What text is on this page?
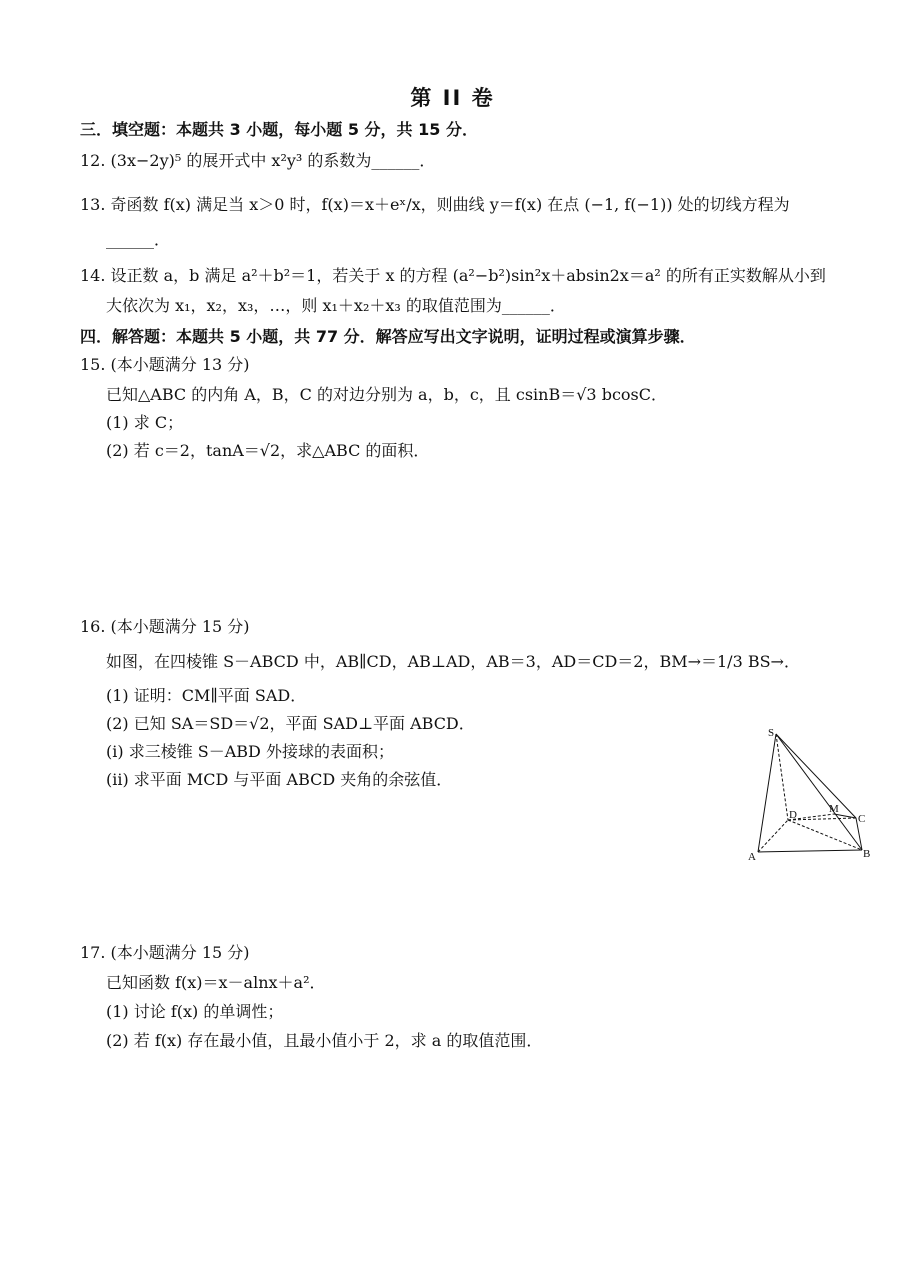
第 II 卷
三．填空题：本题共 3 小题，每小题 5 分，共 15 分．
12. (3x−2y)⁵ 的展开式中 x²y³ 的系数为______．
13. 奇函数 f(x) 满足当 x＞0 时，f(x)＝x＋eˣ/x，则曲线 y＝f(x) 在点 (−1, f(−1)) 处的切线方程为
______．
14. 设正数 a，b 满足 a²＋b²＝1，若关于 x 的方程 (a²−b²)sin²x＋absin2x＝a² 的所有正实数解从小到
大依次为 x₁，x₂，x₃，…，则 x₁＋x₂＋x₃ 的取值范围为______．
四．解答题：本题共 5 小题，共 77 分．解答应写出文字说明，证明过程或演算步骤．
15. (本小题满分 13 分)
已知△ABC 的内角 A，B，C 的对边分别为 a，b，c，且 csinB＝√3 bcosC．
(1) 求 C；
(2) 若 c＝2，tanA＝√2，求△ABC 的面积．
16. (本小题满分 15 分)
如图，在四棱锥 S－ABCD 中，AB∥CD，AB⊥AD，AB＝3，AD＝CD＝2，BM→＝1/3 BS→．
(1) 证明：CM∥平面 SAD．
(2) 已知 SA＝SD＝√2，平面 SAD⊥平面 ABCD．
(i) 求三棱锥 S－ABD 外接球的表面积；
(ii) 求平面 MCD 与平面 ABCD 夹角的余弦值．
S
D	M
C
A	B
17. (本小题满分 15 分)
已知函数 f(x)＝x－alnx＋a²．
(1) 讨论 f(x) 的单调性；
(2) 若 f(x) 存在最小值，且最小值小于 2，求 a 的取值范围．
